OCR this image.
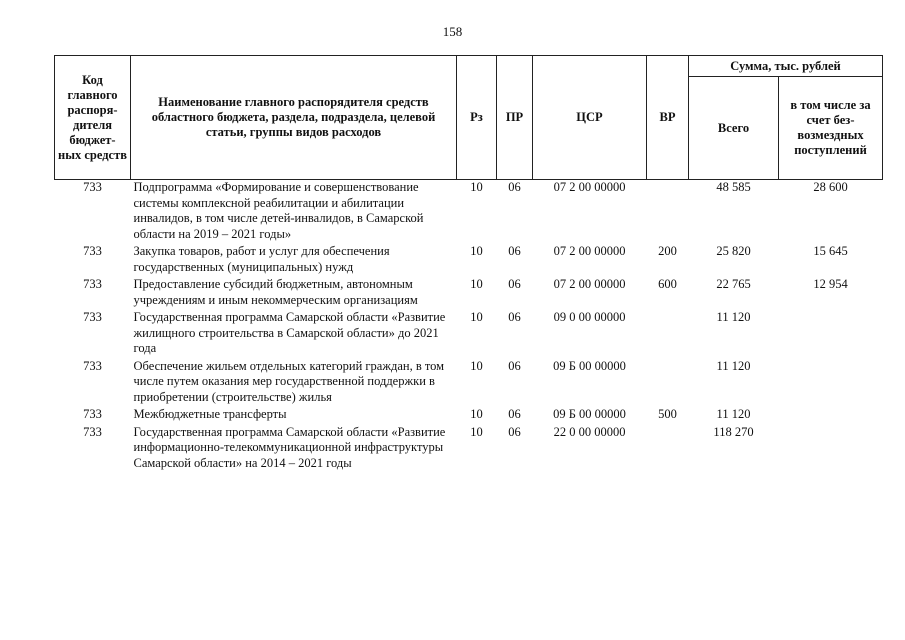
158
Код главного распоря-дителя бюджет-ных средств	Наименование главного распорядителя средств областного бюджета, раздела, подраздела, целевой статьи, группы видов расходов	Рз	ПР	ЦСР	ВР	Сумма, тыс. рублей	
						Всего	в том числе за счет без-возмездных поступлений
733	Подпрограмма «Формирование и совершенствование системы комплексной реабилитации и абилитации инвалидов, в том числе детей-инвалидов, в Самарской области на 2019 – 2021 годы»	10	06	07 2 00 00000		48 585	28 600
733	Закупка товаров, работ и услуг для обеспечения государственных (муниципальных) нужд	10	06	07 2 00 00000	200	25 820	15 645
733	Предоставление субсидий бюджетным, автономным учреждениям и иным некоммерческим организациям	10	06	07 2 00 00000	600	22 765	12 954
733	Государственная программа Самарской области «Развитие жилищного строительства в Самарской области» до 2021 года	10	06	09 0 00 00000		11 120	
733	Обеспечение жильем отдельных категорий граждан, в том числе путем оказания мер государственной поддержки в приобретении (строительстве) жилья	10	06	09 Б 00 00000		11 120	
733	Межбюджетные трансферты	10	06	09 Б 00 00000	500	11 120	
733	Государственная программа Самарской области «Развитие информационно-телекоммуникационной инфраструктуры Самарской области» на 2014 – 2021 годы	10	06	22 0 00 00000		118 270	
